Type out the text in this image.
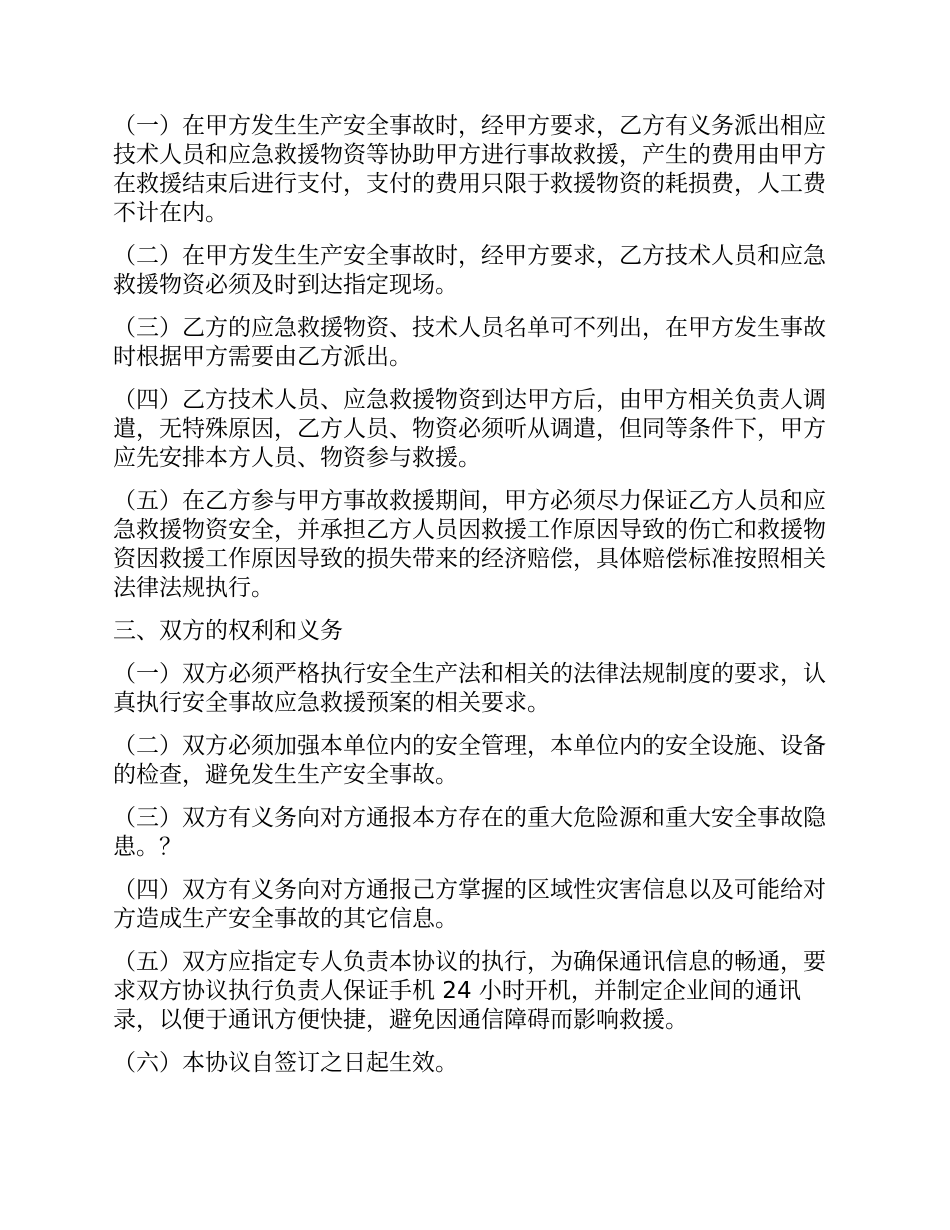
（一）在甲方发生生产安全事故时，经甲方要求，乙方有义务派出相应技术人员和应急救援物资等协助甲方进行事故救援，产生的费用由甲方在救援结束后进行支付，支付的费用只限于救援物资的耗损费，人工费不计在内。

（二）在甲方发生生产安全事故时，经甲方要求，乙方技术人员和应急救援物资必须及时到达指定现场。

（三）乙方的应急救援物资、技术人员名单可不列出，在甲方发生事故时根据甲方需要由乙方派出。

（四）乙方技术人员、应急救援物资到达甲方后，由甲方相关负责人调遣，无特殊原因，乙方人员、物资必须听从调遣，但同等条件下，甲方应先安排本方人员、物资参与救援。

（五）在乙方参与甲方事故救援期间，甲方必须尽力保证乙方人员和应急救援物资安全，并承担乙方人员因救援工作原因导致的伤亡和救援物资因救援工作原因导致的损失带来的经济赔偿，具体赔偿标准按照相关法律法规执行。

三、双方的权利和义务

（一）双方必须严格执行安全生产法和相关的法律法规制度的要求，认真执行安全事故应急救援预案的相关要求。

（二）双方必须加强本单位内的安全管理，本单位内的安全设施、设备的检查，避免发生生产安全事故。

（三）双方有义务向对方通报本方存在的重大危险源和重大安全事故隐患。？

（四）双方有义务向对方通报己方掌握的区域性灾害信息以及可能给对方造成生产安全事故的其它信息。

（五）双方应指定专人负责本协议的执行，为确保通讯信息的畅通，要求双方协议执行负责人保证手机 24 小时开机，并制定企业间的通讯录，以便于通讯方便快捷，避免因通信障碍而影响救援。

（六）本协议自签订之日起生效。
